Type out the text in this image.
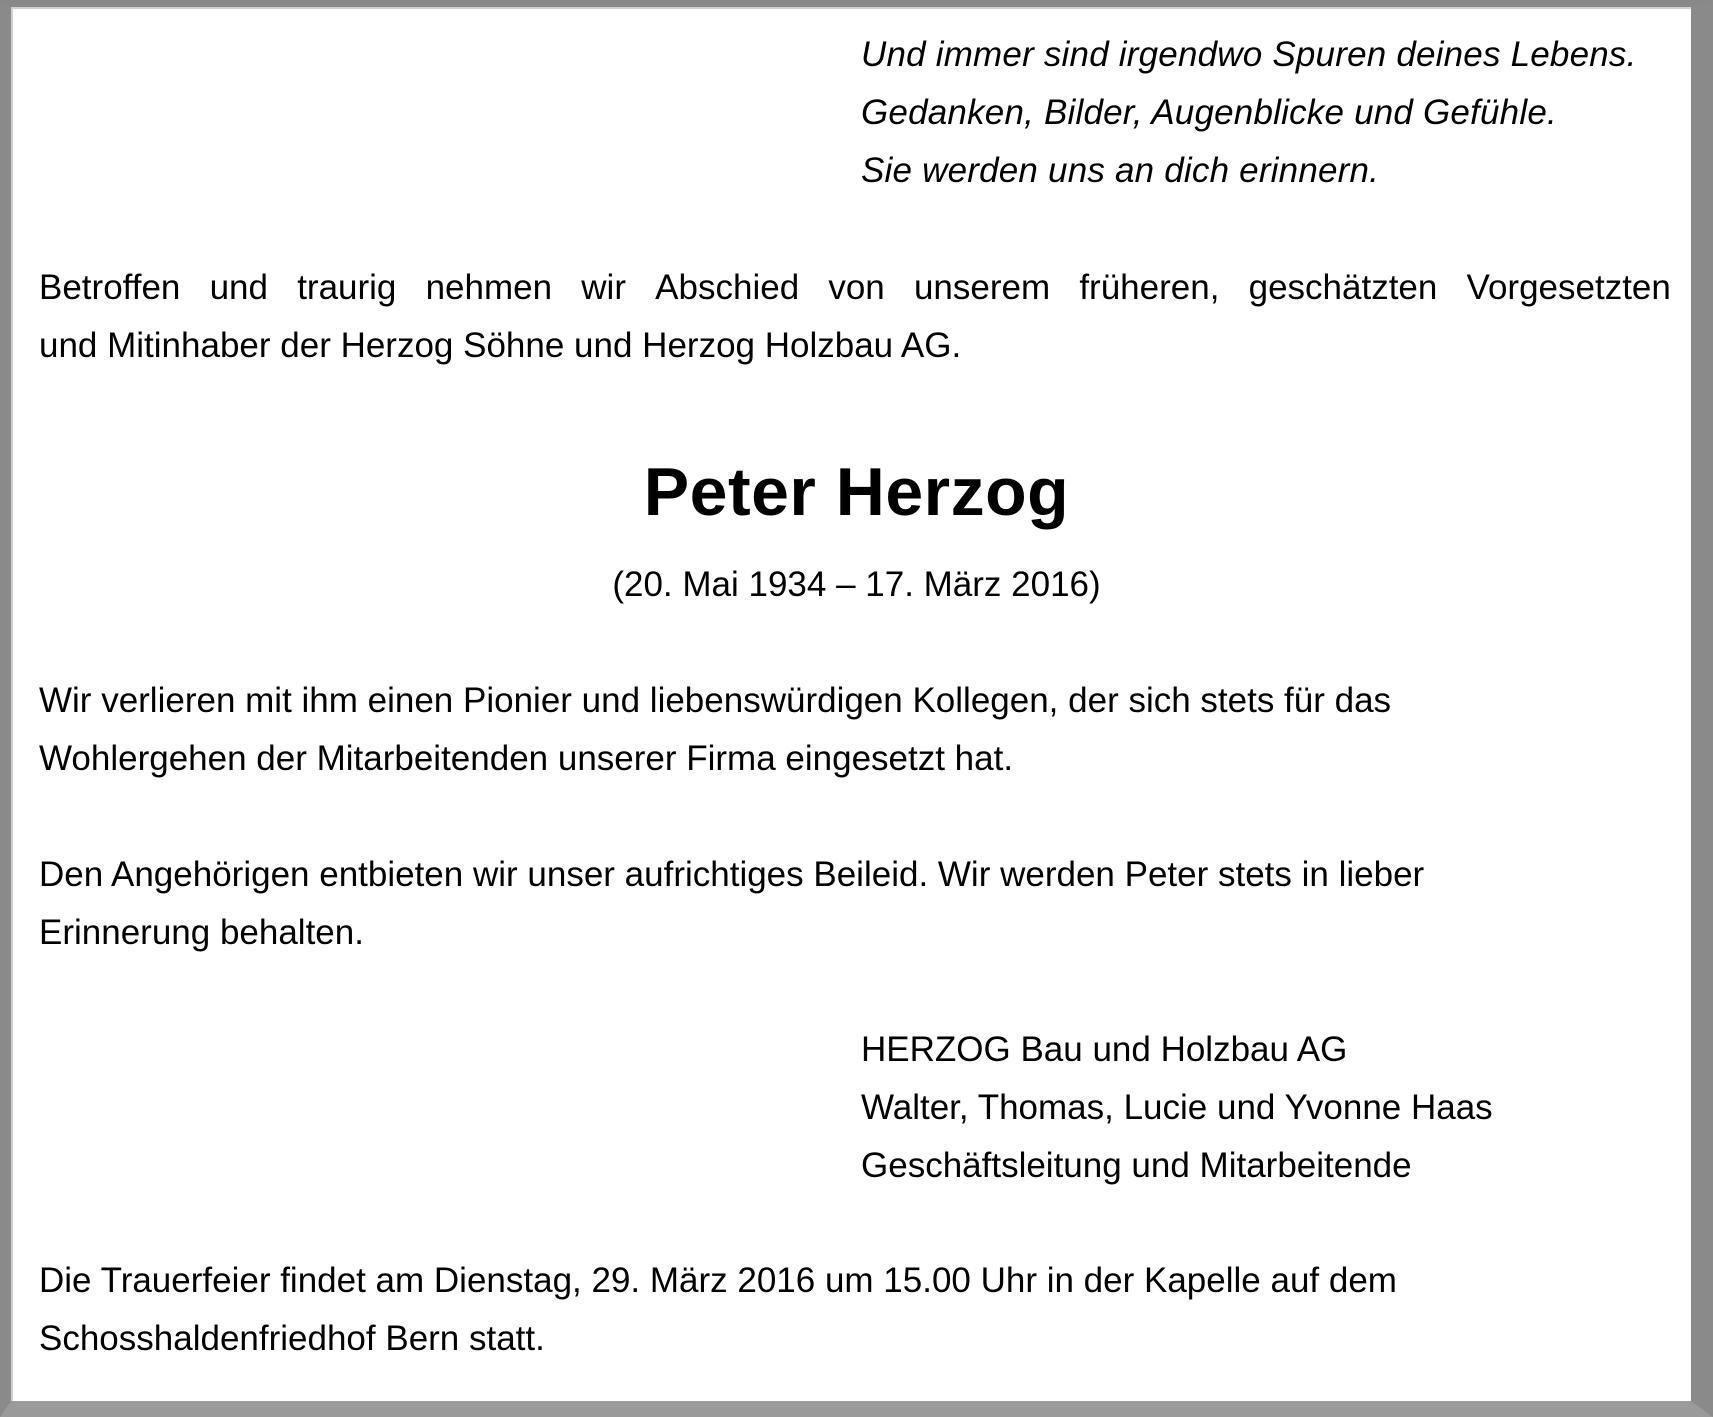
Und immer sind irgendwo Spuren deines Lebens.
Gedanken, Bilder, Augenblicke und Gefühle.
Sie werden uns an dich erinnern.
Betroffen und traurig nehmen wir Abschied von unserem früheren, geschätzten Vorgesetzten
und Mitinhaber der Herzog Söhne und Herzog Holzbau AG.
Peter Herzog
(20. Mai 1934 – 17. März 2016)
Wir verlieren mit ihm einen Pionier und liebenswürdigen Kollegen, der sich stets für das
Wohlergehen der Mitarbeitenden unserer Firma eingesetzt hat.
Den Angehörigen entbieten wir unser aufrichtiges Beileid. Wir werden Peter stets in lieber
Erinnerung behalten.
HERZOG Bau und Holzbau AG
Walter, Thomas, Lucie und Yvonne Haas
Geschäftsleitung und Mitarbeitende
Die Trauerfeier findet am Dienstag, 29. März 2016 um 15.00 Uhr in der Kapelle auf dem
Schosshaldenfriedhof Bern statt.
